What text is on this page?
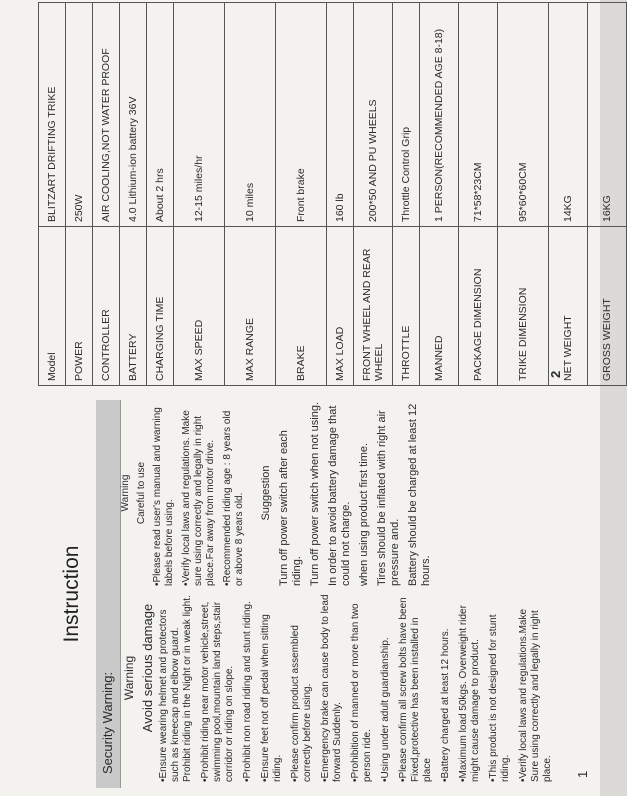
Instruction
Security Warning: Warning Avoid serious damage •Ensure wearing helmet and protectors such as kneecap and elbow guard. Prohibit riding in the Night or in weak light. •Prohibit riding near motor vehicle,street, swimming pool,mountain land steps,stair corridor or riding on slope. •Prohibit non road riding and stunt riding. •Ensure feet not off pedal when sitting riding. •Please confirm product assembled correctly before using. •Emergency brake can cause body to lead forward Suddenly. •Prohibition of manned or more than two person ride. •Using under adult guardianship. •Please confirm all screw bolts have been Fixed,protective has been installed in place •Battery charged at least 12 hours. •Maximum load 50kgs. Overweight rider might cause damage to product. •This product is not designed for stunt riding. •Verify local laws and regulations.Make Sure using correctly and legally in right place.

Warning Careful to use •Please read user's manual and warning labels before using. •Verify local laws and regulations. Make sure using correctly and legally in right place.Far away from motor drive. •Recommended riding age : 8 years old or above 8 years old. Suggestion Turn off power switch after each riding. Turn off power switch when not using. In order to avoid battery damage that could not charge. when using product first time. Tires should be inflated with right air pressure and. Battery should be charged at least 12 hours.

1
Model	BLITZART DRIFTING TRIKE
POWER	250W
CONTROLLER	AIR COOLING,NOT WATER PROOF
BATTERY	4.0 Lithium-ion battery 36V
CHARGING TIME	About 2 hrs
MAX SPEED	12-15 miles/hr
MAX RANGE	10 miles
BRAKE	Front brake
MAX LOAD	160 lb
FRONT WHEEL AND REAR WHEEL	200*50 AND PU WHEELS
THROTTLE	Throttle Control Grip
MANNED	1 PERSON(RECOMMENDED AGE 8-18)
PACKAGE DIMENSION	71*58*23CM
TRIKE DIMENSION	95*60*60CM
NET WEIGHT	14KG
GROSS WEIGHT	16KG
2
